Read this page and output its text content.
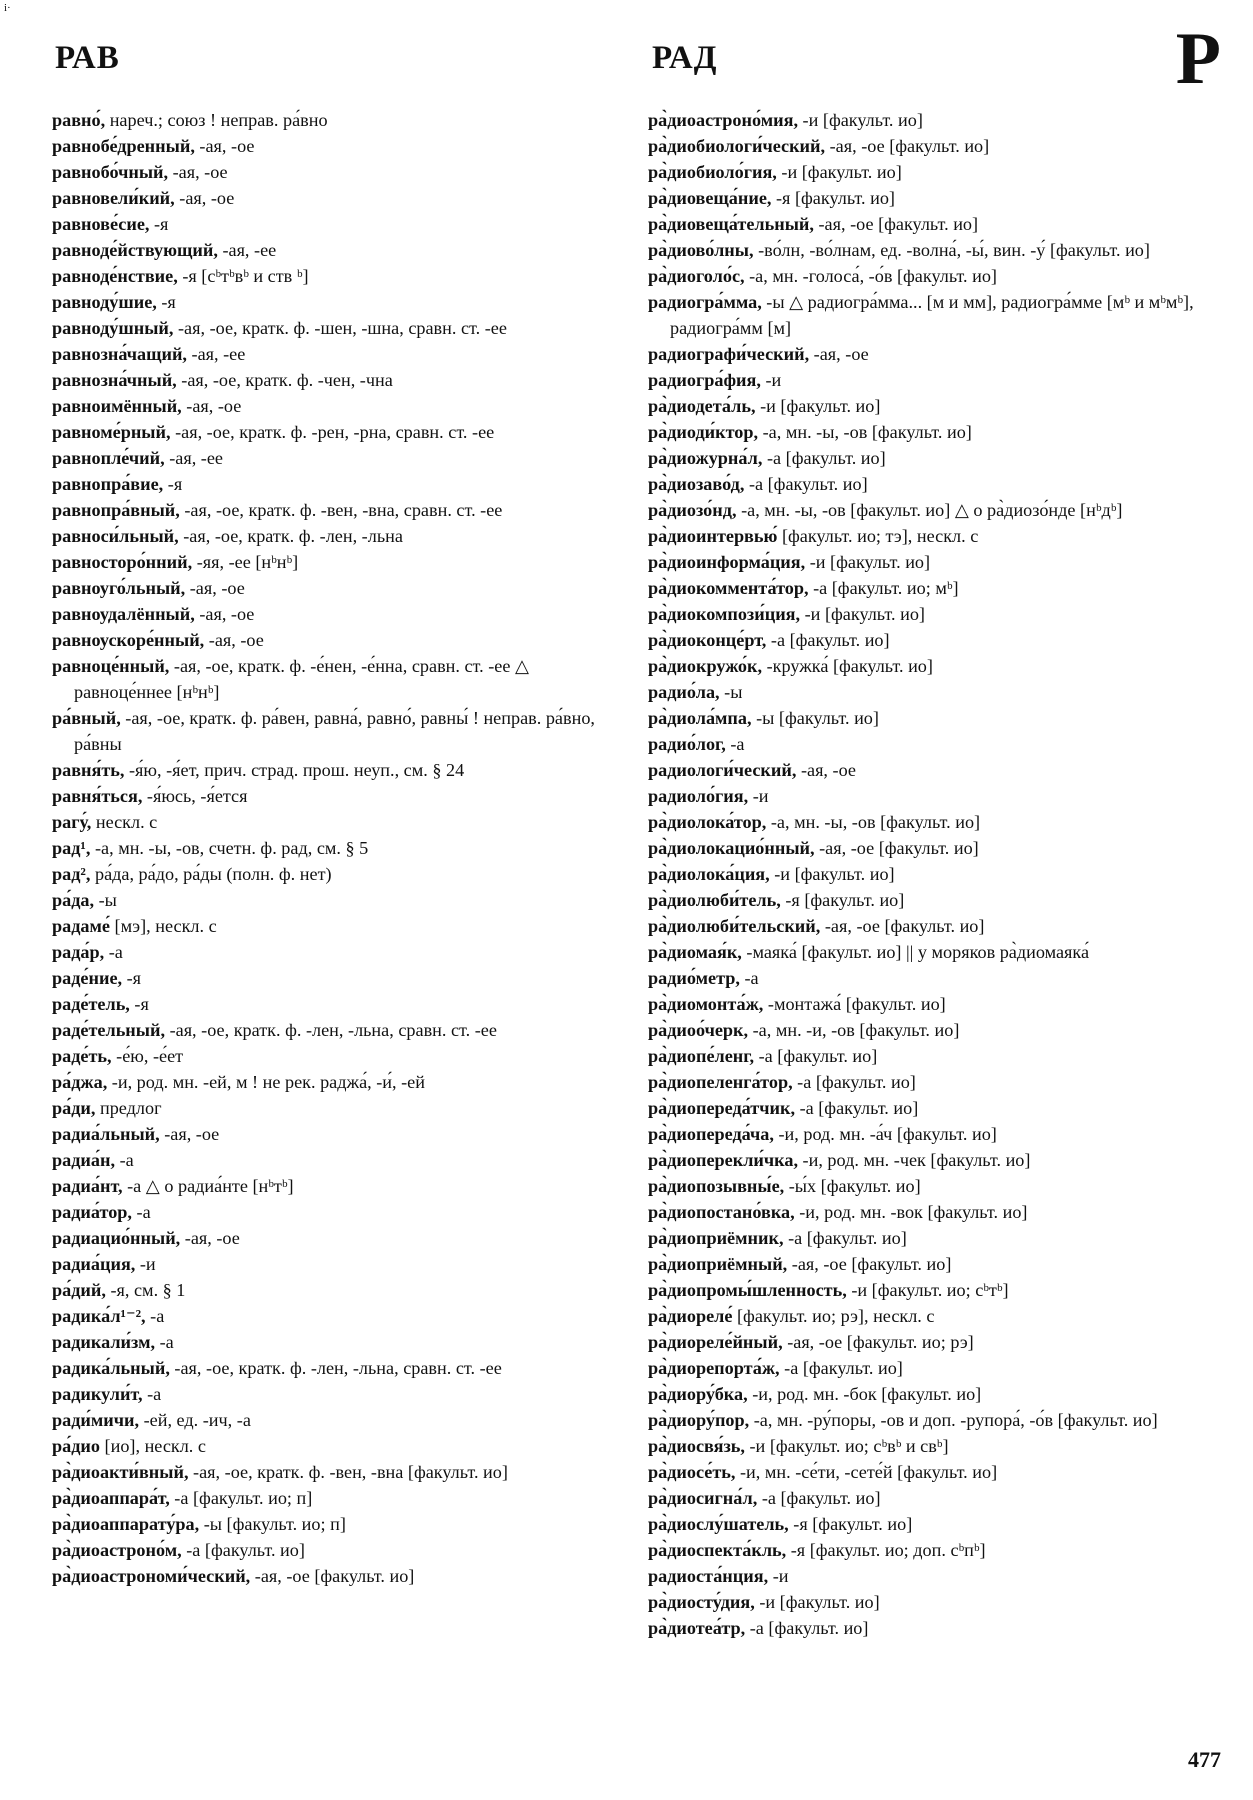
i·
РАВ	РАД	Р
равно́, нареч.; союз ! неправ. ра́вно
равнобе́дренный, -ая, -ое
равнобо́чный, -ая, -ое
равновели́кий, -ая, -ое
равнове́сие, -я
равноде́йствующий, -ая, -ее
равноде́нствие, -я [сᵇтᵇвᵇ и ств ᵇ]
равноду́шие, -я
равноду́шный, -ая, -ое, кратк. ф. -шен, -шна, сравн. ст. -ее
равнозна́чащий, -ая, -ее
равнозна́чный, -ая, -ое, кратк. ф. -чен, -чна
равноимённый, -ая, -ое
равноме́рный, -ая, -ое, кратк. ф. -рен, -рна, сравн. ст. -ее
равнопле́чий, -ая, -ее
равнопра́вие, -я
равнопра́вный, -ая, -ое, кратк. ф. -вен, -вна, сравн. ст. -ее
равноси́льный, -ая, -ое, кратк. ф. -лен, -льна
равносторо́нний, -яя, -ее [нᵇнᵇ]
равноуго́льный, -ая, -ое
равноудалённый, -ая, -ое
равноускоре́нный, -ая, -ое
равноце́нный, -ая, -ое, кратк. ф. -е́нен, -е́нна, сравн. ст. -ее △ равноце́ннее [нᵇнᵇ]
ра́вный, -ая, -ое, кратк. ф. ра́вен, равна́, равно́, равны́ ! неправ. ра́вно, ра́вны
равня́ть, -я́ю, -я́ет, прич. страд. прош. неуп., см. § 24
равня́ться, -я́юсь, -я́ется
рагу́, нескл. с
рад¹, -а, мн. -ы, -ов, счетн. ф. рад, см. § 5
рад², ра́да, ра́до, ра́ды (полн. ф. нет)
ра́да, -ы
радаме́ [мэ], нескл. с
рада́р, -а
раде́ние, -я
раде́тель, -я
раде́тельный, -ая, -ое, кратк. ф. -лен, -льна, сравн. ст. -ее
раде́ть, -е́ю, -е́ет
ра́джа, -и, род. мн. -ей, м ! не рек. раджа́, -и́, -ей
ра́ди, предлог
радиа́льный, -ая, -ое
радиа́н, -а
радиа́нт, -а △ о радиа́нте [нᵇтᵇ]
радиа́тор, -а
радиацио́нный, -ая, -ое
радиа́ция, -и
ра́дий, -я, см. § 1
радика́л¹⁻², -а
радикали́зм, -а
радика́льный, -ая, -ое, кратк. ф. -лен, -льна, сравн. ст. -ее
радикули́т, -а
ради́мичи, -ей, ед. -ич, -а
ра́дио [ио], нескл. с
ра̀диоакти́вный, -ая, -ое, кратк. ф. -вен, -вна [факульт. ио]
ра̀диоаппара́т, -а [факульт. ио; п]
ра̀диоаппарату́ра, -ы [факульт. ио; п]
ра̀диоастроно́м, -а [факульт. ио]
ра̀диоастрономи́ческий, -ая, -ое [факульт. ио]
ра̀диоастроно́мия, -и [факульт. ио]
ра̀диобиологи́ческий, -ая, -ое [факульт. ио]
ра̀диобиоло́гия, -и [факульт. ио]
ра̀диовеща́ние, -я [факульт. ио]
ра̀диовеща́тельный, -ая, -ое [факульт. ио]
ра̀диово́лны, -во́лн, -во́лнам, ед. -волна́, -ы́, вин. -у́ [факульт. ио]
ра̀диоголо́с, -а, мн. -голоса́, -о́в [факульт. ио]
радиогра́мма, -ы △ радиогра́мма... [м и мм], радиогра́мме [мᵇ и мᵇмᵇ], радиогра́мм [м]
радиографи́ческий, -ая, -ое
радиогра́фия, -и
ра̀диодета́ль, -и [факульт. ио]
ра̀диоди́ктор, -а, мн. -ы, -ов [факульт. ио]
ра̀диожурна́л, -а [факульт. ио]
ра̀диозаво́д, -а [факульт. ио]
ра̀диозо́нд, -а, мн. -ы, -ов [факульт. ио] △ о ра̀диозо́нде [нᵇдᵇ]
ра̀диоинтервью́ [факульт. ио; тэ], нескл. с
ра̀диоинформа́ция, -и [факульт. ио]
ра̀диокоммента́тор, -а [факульт. ио; мᵇ]
ра̀диокомпози́ция, -и [факульт. ио]
ра̀диоконце́рт, -а [факульт. ио]
ра̀диокружо́к, -кружка́ [факульт. ио]
радио́ла, -ы
ра̀диола́мпа, -ы [факульт. ио]
радио́лог, -а
радиологи́ческий, -ая, -ое
радиоло́гия, -и
ра̀диолока́тор, -а, мн. -ы, -ов [факульт. ио]
ра̀диолокацио́нный, -ая, -ое [факульт. ио]
ра̀диолока́ция, -и [факульт. ио]
ра̀диолюби́тель, -я [факульт. ио]
ра̀диолюби́тельский, -ая, -ое [факульт. ио]
ра̀диомая́к, -маяка́ [факульт. ио] || у моряков ра̀диомаяка́
радио́метр, -а
ра̀диомонта́ж, -монтажа́ [факульт. ио]
ра̀диоо́черк, -а, мн. -и, -ов [факульт. ио]
ра̀диопе́ленг, -а [факульт. ио]
ра̀диопеленга́тор, -а [факульт. ио]
ра̀диопереда́тчик, -а [факульт. ио]
ра̀диопереда́ча, -и, род. мн. -а́ч [факульт. ио]
ра̀диоперекли́чка, -и, род. мн. -чек [факульт. ио]
ра̀диопозывны́е, -ы́х [факульт. ио]
ра̀диопостано́вка, -и, род. мн. -вок [факульт. ио]
ра̀диоприёмник, -а [факульт. ио]
ра̀диоприёмный, -ая, -ое [факульт. ио]
ра̀диопромы́шленность, -и [факульт. ио; сᵇтᵇ]
ра̀диореле́ [факульт. ио; рэ], нескл. с
ра̀диореле́йный, -ая, -ое [факульт. ио; рэ]
ра̀диорепорта́ж, -а [факульт. ио]
ра̀диору́бка, -и, род. мн. -бок [факульт. ио]
ра̀диору́пор, -а, мн. -ру́поры, -ов и доп. -рупора́, -о́в [факульт. ио]
ра̀диосвя́зь, -и [факульт. ио; сᵇвᵇ и свᵇ]
ра̀диосе́ть, -и, мн. -се́ти, -сете́й [факульт. ио]
ра̀диосигна́л, -а [факульт. ио]
ра̀диослу́шатель, -я [факульт. ио]
ра̀диоспекта́кль, -я [факульт. ио; доп. сᵇпᵇ]
радиоста́нция, -и
ра̀диосту́дия, -и [факульт. ио]
ра̀диотеа́тр, -а [факульт. ио]
477
